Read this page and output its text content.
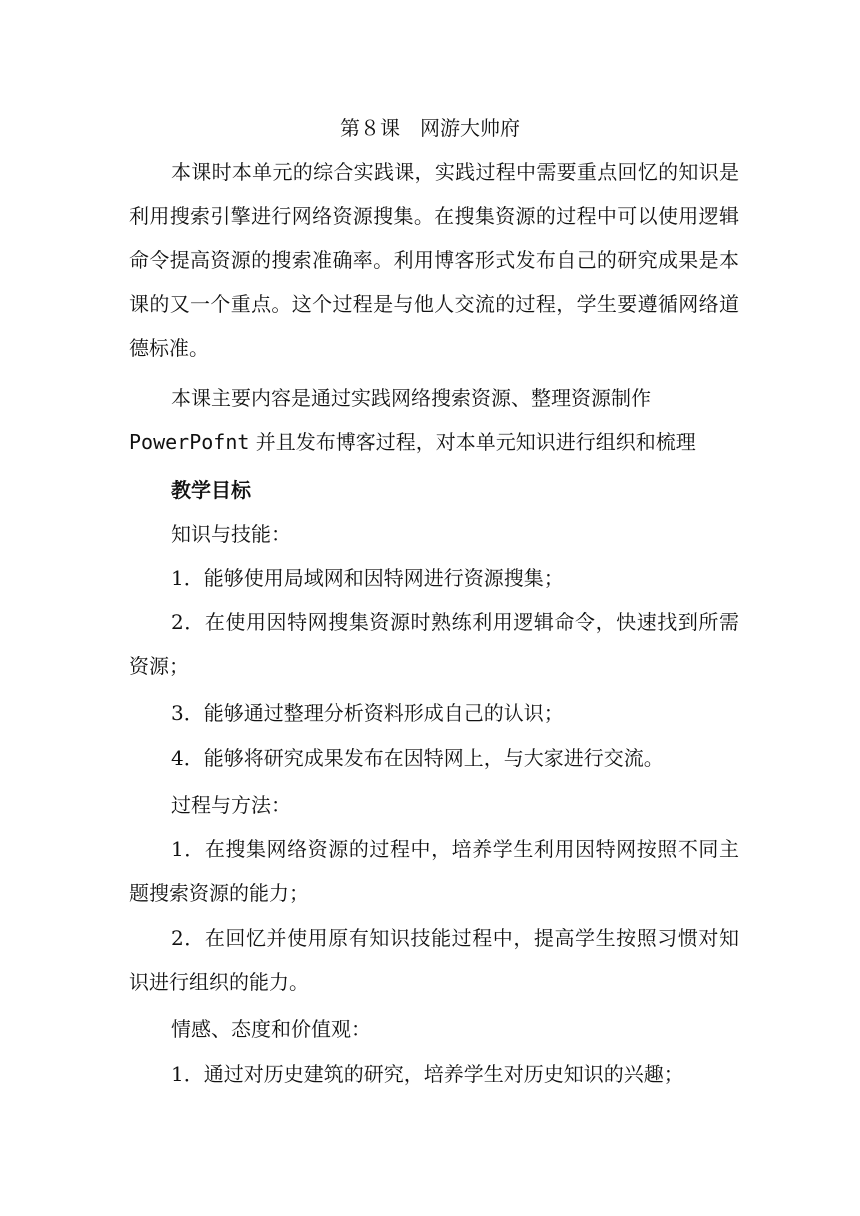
第８课　网游大帅府
本课时本单元的综合实践课，实践过程中需要重点回忆的知识是
利用搜索引擎进行网络资源搜集。在搜集资源的过程中可以使用逻辑
命令提高资源的搜索准确率。利用博客形式发布自己的研究成果是本
课的又一个重点。这个过程是与他人交流的过程，学生要遵循网络道
德标准。
本课主要内容是通过实践网络搜索资源、整理资源制作
PowerPofnt 并且发布博客过程，对本单元知识进行组织和梳理
教学目标
知识与技能：
1．能够使用局域网和因特网进行资源搜集；
2．在使用因特网搜集资源时熟练利用逻辑命令，快速找到所需
资源；
3．能够通过整理分析资料形成自己的认识；
4．能够将研究成果发布在因特网上，与大家进行交流。
过程与方法：
1．在搜集网络资源的过程中，培养学生利用因特网按照不同主
题搜索资源的能力；
2．在回忆并使用原有知识技能过程中，提高学生按照习惯对知
识进行组织的能力。
情感、态度和价值观：
1．通过对历史建筑的研究，培养学生对历史知识的兴趣；
